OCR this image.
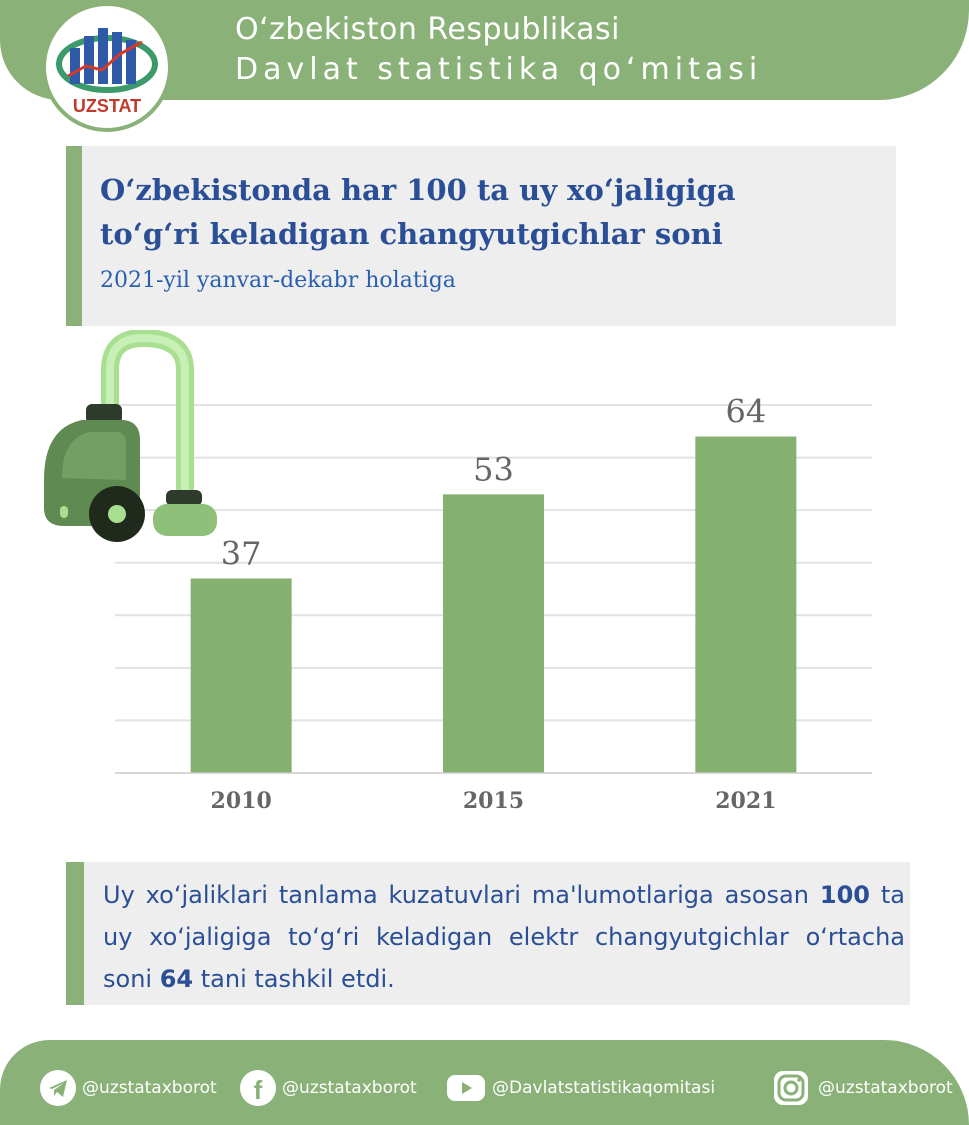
O‘zbekiston Respublikasi
Davlat statistika qo‘mitasi
UZSTAT
O‘zbekistonda har 100 ta uy xo‘jaligiga
to‘g‘ri keladigan changyutgichlar soni
2021-yil yanvar-dekabr holatiga
37
2010
53
2015
64
2021
Uy xo‘jaliklari tanlama kuzatuvlari ma'lumotlariga asosan 100 ta uy xo‘jaligiga to‘g‘ri keladigan elektr changyutgichlar o‘rtacha soni 64 tani tashkil etdi.
@uzstataxborot f @uzstataxborot	@Davlatstatistikaqomitasi	@uzstataxborot
